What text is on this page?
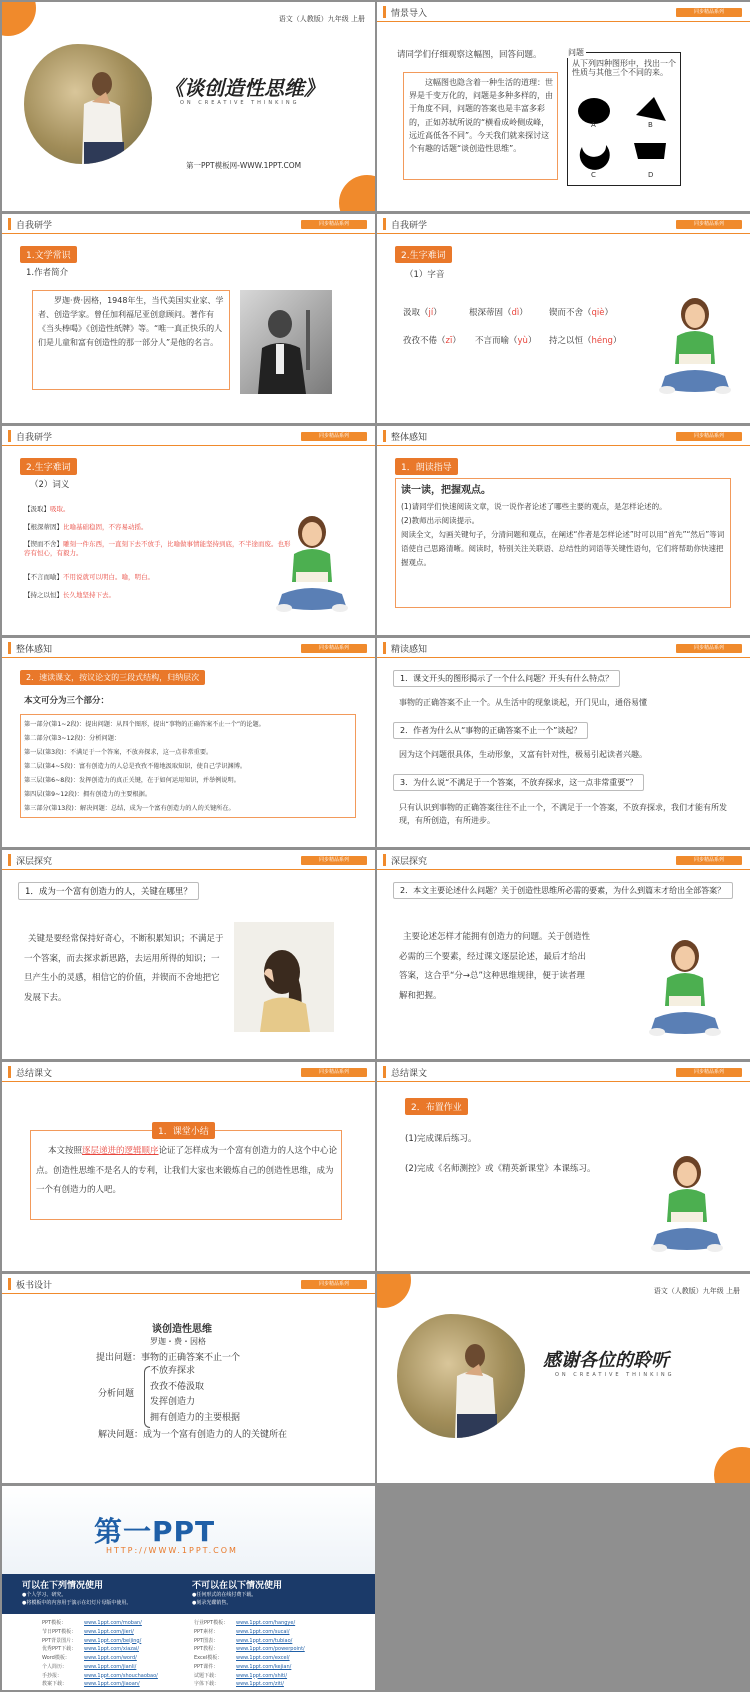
语文（人教版）九年级 上册
《谈创造性思维》
ON CREATIVE THINKING
第一PPT模板网-WWW.1PPT.COM
情景导入	同步精品系列
请同学们仔细观察这幅图，回答问题。
这幅图也隐含着一种生活的道理：世界是千变万化的，问题是多种多样的，由于角度不同，问题的答案也是丰富多彩的，正如苏轼所说的“横看成岭侧成峰，远近高低各不同”。今天我们就来探讨这个有趣的话题“谈创造性思维”。
问题
从下列四种图形中，找出一个性质与其他三个不同的来。
A	B
C	D
自我研学	同步精品系列
1.文学常识
1.作者简介
罗迦·费·因格，1948年生，当代美国实业家、学者、创造学家。曾任加利福尼亚创意顾问。著作有《当头棒喝》《创造性纸牌》等。“唯一真正快乐的人们是儿童和富有创造性的那一部分人”是他的名言。
自我研学	同步精品系列
2.生字难词
（1）字音
汲取（jí）	根深蒂固（dì） 锲而不舍（qiè）
孜孜不倦（zī） 不言而喻（yù） 持之以恒（héng）
自我研学	同步精品系列
2.生字难词
（2）词义
【汲取】吸取。
【根深蒂固】比喻基础稳固，不容易动摇。
【锲而不舍】雕刻一件东西，一直刻下去不放手，比喻做事情能坚持到底，不半途而废。也形容有恒心，有毅力。
【不言而喻】不用说就可以明白。喻，明白。
【持之以恒】长久地坚持下去。
整体感知	同步精品系列
1．朗读指导
读一读，把握观点。
(1)请同学们快速阅读文章，说一说作者论述了哪些主要的观点，是怎样论述的。
(2)教师出示阅读提示。
阅读全文，勾画关键句子，分清问题和观点，在阐述“作者是怎样论述”时可以用“首先”“然后”等词语使自己思路清晰。阅读时，特别关注关联语、总结性的词语等关键性语句，它们将帮助你快速把握观点。
整体感知	同步精品系列
2．速读课文，按议论文的三段式结构，归纳层次
本文可分为三个部分：
第一部分(第1~2段)：提出问题：从四个图形，提出“事物的正确答案不止一个”的论题。
第二部分(第3~12段)：分析问题：
第一层(第3段)：不满足于一个答案，不放弃探求，这一点非常重要。
第二层(第4~5段)：富有创造力的人总是孜孜不倦地汲取知识，使自己学识渊博。
第三层(第6~8段)：发挥创造力的真正关键，在于如何运用知识，并举例说明。
第四层(第9~12段)：拥有创造力的主要根据。
第三部分(第13段)：解决问题：总结，成为一个富有创造力的人的关键所在。
精读感知	同步精品系列
1．课文开头的图形揭示了一个什么问题？开头有什么特点？
事物的正确答案不止一个。从生活中的现象谈起，开门见山，通俗易懂
2．作者为什么从“事物的正确答案不止一个”谈起？
因为这个问题很具体，生动形象，又富有针对性，极易引起读者兴趣。
3．为什么说“不满足于一个答案，不放弃探求，这一点非常重要”？
只有认识到事物的正确答案往往不止一个，不满足于一个答案，不放弃探求，我们才能有所发现，有所创造，有所进步。
深层探究	同步精品系列
1．成为一个富有创造力的人，关键在哪里？
关键是要经常保持好奇心，不断积累知识；不满足于一个答案，而去探求新思路，去运用所得的知识；一旦产生小的灵感，相信它的价值，并锲而不舍地把它发展下去。
深层探究	同步精品系列
2．本文主要论述什么问题？关于创造性思维所必需的要素，为什么到篇末才给出全部答案？
主要论述怎样才能拥有创造力的问题。关于创造性必需的三个要素，经过课文逐层论述，最后才给出答案，这合乎“分→总”这种思维规律，便于读者理解和把握。
总结课文	同步精品系列
1．课堂小结
本文按照逐层递进的逻辑顺序论证了怎样成为一个富有创造力的人这个中心论点。创造性思维不是名人的专利，让我们大家也来锻炼自己的创造性思维，成为一个有创造力的人吧。
总结课文	同步精品系列
2．布置作业
(1)完成课后练习。
(2)完成《名师测控》或《精英新课堂》本课练习。
板书设计	同步精品系列
谈创造性思维
罗迦・费・因格
提出问题：事物的正确答案不止一个
分析问题
不放弃探求
孜孜不倦汲取
发挥创造力
拥有创造力的主要根据
解决问题：成为一个富有创造力的人的关键所在
语文（人教版）九年级 上册
感谢各位的聆听
ON CREATIVE THINKING
第一PPT
HTTP://WWW.1PPT.COM
可以在下列情况使用
●个人学习、研究。
●将模板中的内容用于演示在幻灯片母版中使用。
不可以在以下情况使用
●任何形式的在线付费下载。
●刻录光碟销售。
PPT模板：	www.1ppt.com/moban/
节日PPT模板： www.1ppt.com/jieri/
PPT背景图片： www.1ppt.com/beijing/
优秀PPT下载： www.1ppt.com/xiazai/
Word模板：	www.1ppt.com/word/
个人简历：	www.1ppt.com/jianli/
手抄报：	www.1ppt.com/shouchaobao/
教案下载：	www.1ppt.com/jiaoan/
行业PPT模板： www.1ppt.com/hangye/
PPT素材：	www.1ppt.com/sucai/
PPT图表：	www.1ppt.com/tubiao/
PPT教程：	www.1ppt.com/powerpoint/
Excel模板：	www.1ppt.com/excel/
PPT课件：	www.1ppt.com/kejian/
试题下载：	www.1ppt.com/shiti/
字体下载：	www.1ppt.com/ziti/
